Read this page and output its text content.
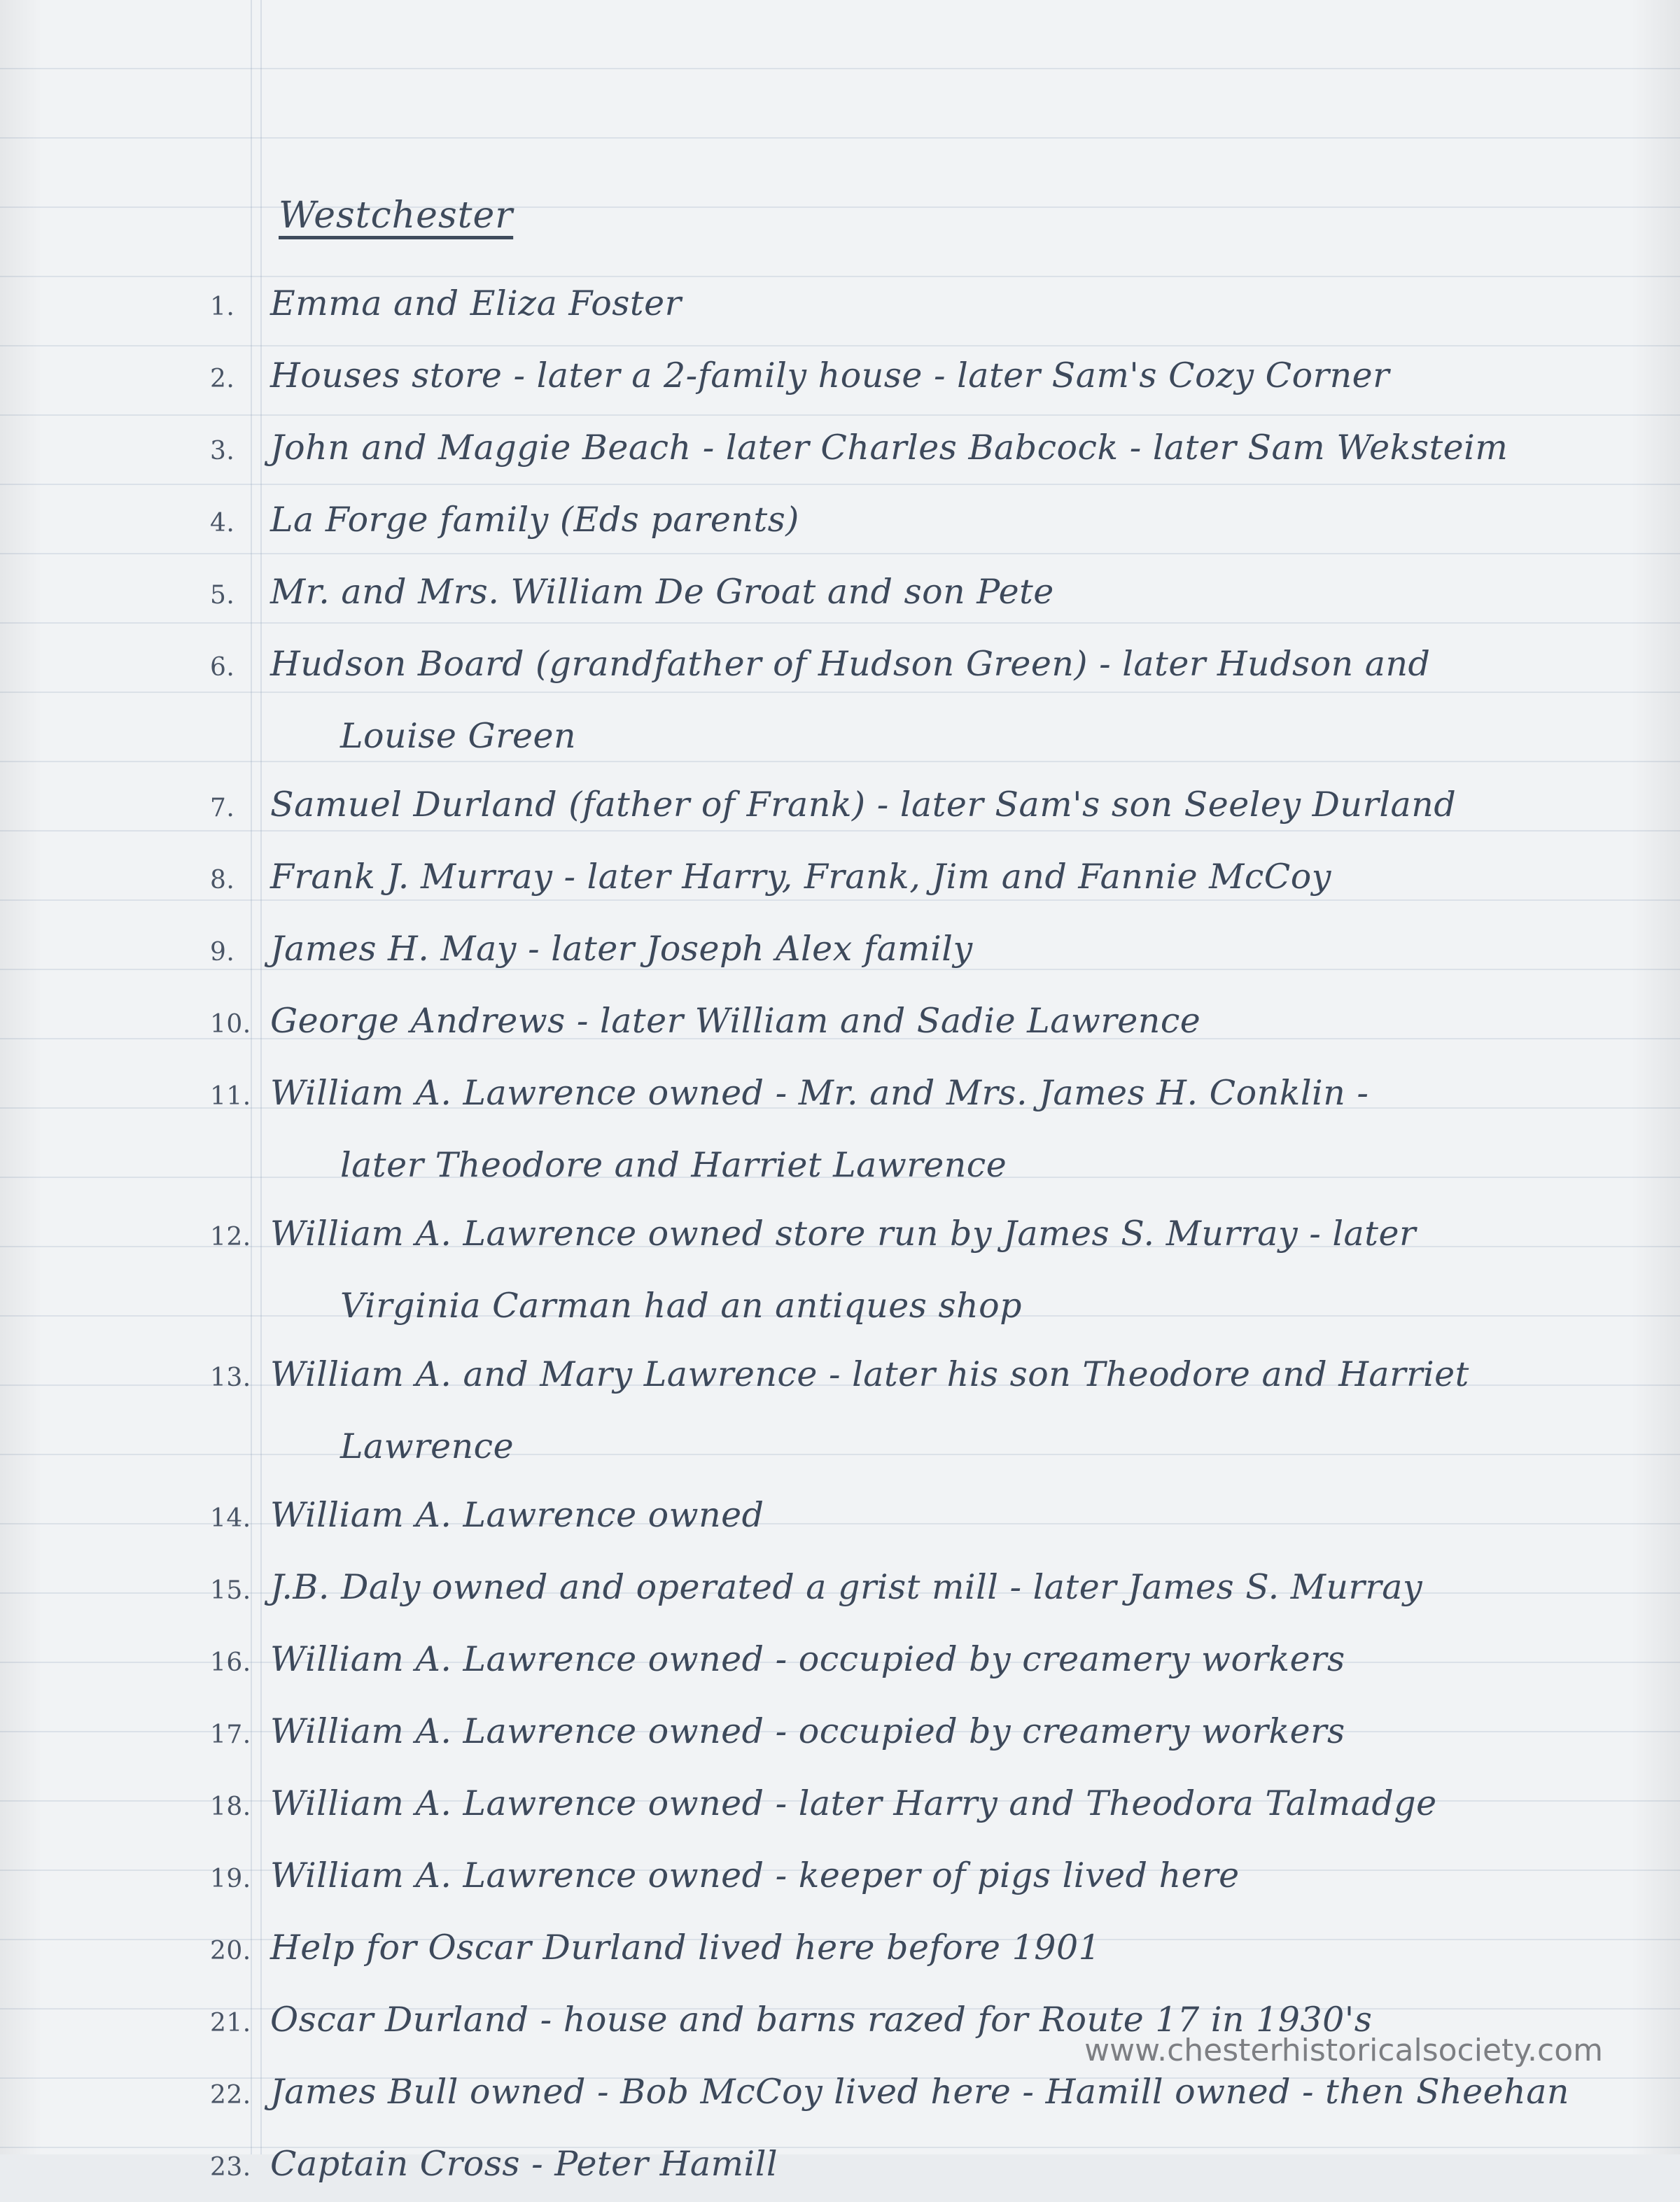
Westchester
1.	Emma and Eliza Foster
2.	Houses store - later a 2-family house - later Sam's Cozy Corner
3.	John and Maggie Beach - later Charles Babcock - later Sam Weksteim
4.	La Forge family (Eds parents)
5.	Mr. and Mrs. William De Groat and son Pete
6.	Hudson Board (grandfather of Hudson Green) - later Hudson and
Louise Green
7.	Samuel Durland (father of Frank) - later Sam's son Seeley Durland
8.	Frank J. Murray - later Harry, Frank, Jim and Fannie McCoy
9.	James H. May - later Joseph Alex family
10. George Andrews - later William and Sadie Lawrence
11. William A. Lawrence owned - Mr. and Mrs. James H. Conklin -
later Theodore and Harriet Lawrence
12. William A. Lawrence owned store run by James S. Murray - later
Virginia Carman had an antiques shop
13. William A. and Mary Lawrence - later his son Theodore and Harriet
Lawrence
14. William A. Lawrence owned
15. J.B. Daly owned and operated a grist mill - later James S. Murray
16. William A. Lawrence owned - occupied by creamery workers
17. William A. Lawrence owned - occupied by creamery workers
18. William A. Lawrence owned - later Harry and Theodora Talmadge
19. William A. Lawrence owned - keeper of pigs lived here
20. Help for Oscar Durland lived here before 1901
21. Oscar Durland - house and barns razed for Route 17 in 1930's
22. James Bull owned - Bob McCoy lived here - Hamill owned - then Sheehan
23. Captain Cross - Peter Hamill
www.chesterhistoricalsociety.com
